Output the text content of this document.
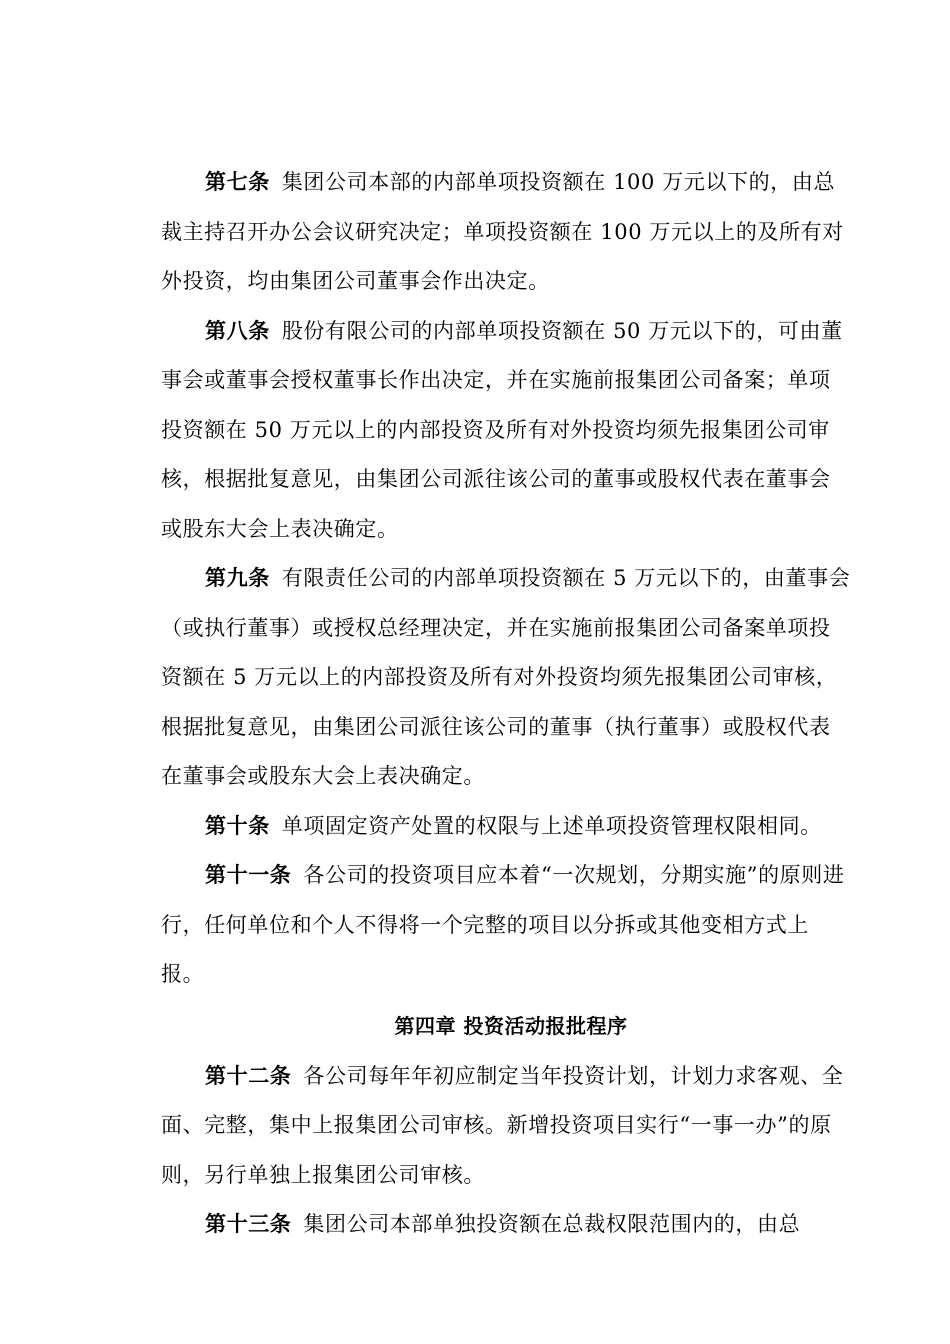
第七条 集团公司本部的内部单项投资额在 100 万元以下的，由总裁主持召开办公会议研究决定；单项投资额在 100 万元以上的及所有对外投资，均由集团公司董事会作出决定。

第八条 股份有限公司的内部单项投资额在 50 万元以下的，可由董事会或董事会授权董事长作出决定，并在实施前报集团公司备案；单项投资额在 50 万元以上的内部投资及所有对外投资均须先报集团公司审核，根据批复意见，由集团公司派往该公司的董事或股权代表在董事会或股东大会上表决确定。

第九条 有限责任公司的内部单项投资额在 5 万元以下的，由董事会（或执行董事）或授权总经理决定，并在实施前报集团公司备案单项投资额在 5 万元以上的内部投资及所有对外投资均须先报集团公司审核，根据批复意见，由集团公司派往该公司的董事（执行董事）或股权代表在董事会或股东大会上表决确定。

第十条 单项固定资产处置的权限与上述单项投资管理权限相同。

第十一条 各公司的投资项目应本着“一次规划，分期实施”的原则进行，任何单位和个人不得将一个完整的项目以分拆或其他变相方式上报。

第四章 投资活动报批程序

第十二条 各公司每年年初应制定当年投资计划，计划力求客观、全面、完整，集中上报集团公司审核。新增投资项目实行“一事一办”的原则，另行单独上报集团公司审核。

第十三条 集团公司本部单独投资额在总裁权限范围内的，由总
